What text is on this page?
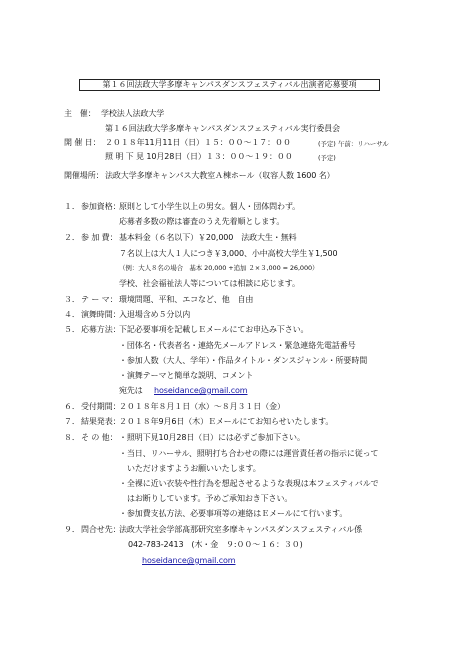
第１６回法政大学多摩キャンパスダンスフェスティバル出演者応募要項
主　催： 学校法人法政大学
第１６回法政大学多摩キャンパスダンスフェスティバル実行委員会
開 催 日： ２０１８年11月11日（日）１５：００～１７：００	(予定) 午前：リハーサル
照 明 下 見 10月28日（日）１３：００～１９：００	(予定)
開催場所： 法政大学多摩キャンパス大教室Ａ棟ホール（収容人数 1600 名）
１． 参加資格：
原則として小学生以上の男女。個人・団体問わず。
応募者多数の際は審査のうえ先着順とします。
２． 参 加 費： 基本料金（６名以下）￥20,000　法政大生・無料
７名以上は大人１人につき￥3,000、小中高校大学生￥1,500
（例：大人８名の場合　基本 20,000 +追加 ２×３,000 = 26,000）
学校、社会福祉法人等については相談に応じます。
３． テ ー マ： 環境問題、平和、エコなど、他　自由
４． 演舞時間：
入退場含め５分以内
５． 応募方法：
下記必要事項を記載しＥメールにてお申込み下さい。
・団体名・代表者名・連絡先メールアドレス・緊急連絡先電話番号
・参加人数（大人、学年）・作品タイトル・ダンスジャンル・所要時間
・演舞テーマと簡単な説明、コメント
宛先は hoseidance@gmail.com
６． 受付期間：
２０１８年８月１日（水）～８月３１日（金）
７． 結果発表：
２０１８年9月6日（木）Ｅメールにてお知らせいたします。
８． そ の 他： ・照明下見10月28日（日）には必ずご参加下さい。
・当日、リハーサル、照明打ち合わせの際には運営責任者の指示に従って
いただけますようお願いいたします。
・全裸に近い衣装や性行為を想起させるような表現は本フェスティバルで
はお断りしています。予めご承知おき下さい。
・参加費支払方法、必要事項等の連絡はＥメールにて行います。
９． 問合せ先：
法政大学社会学部髙那研究室多摩キャンパスダンスフェスティバル係
042-783-2413　(木・金　９:００～１６：３０)
hoseidance@gmail.com
